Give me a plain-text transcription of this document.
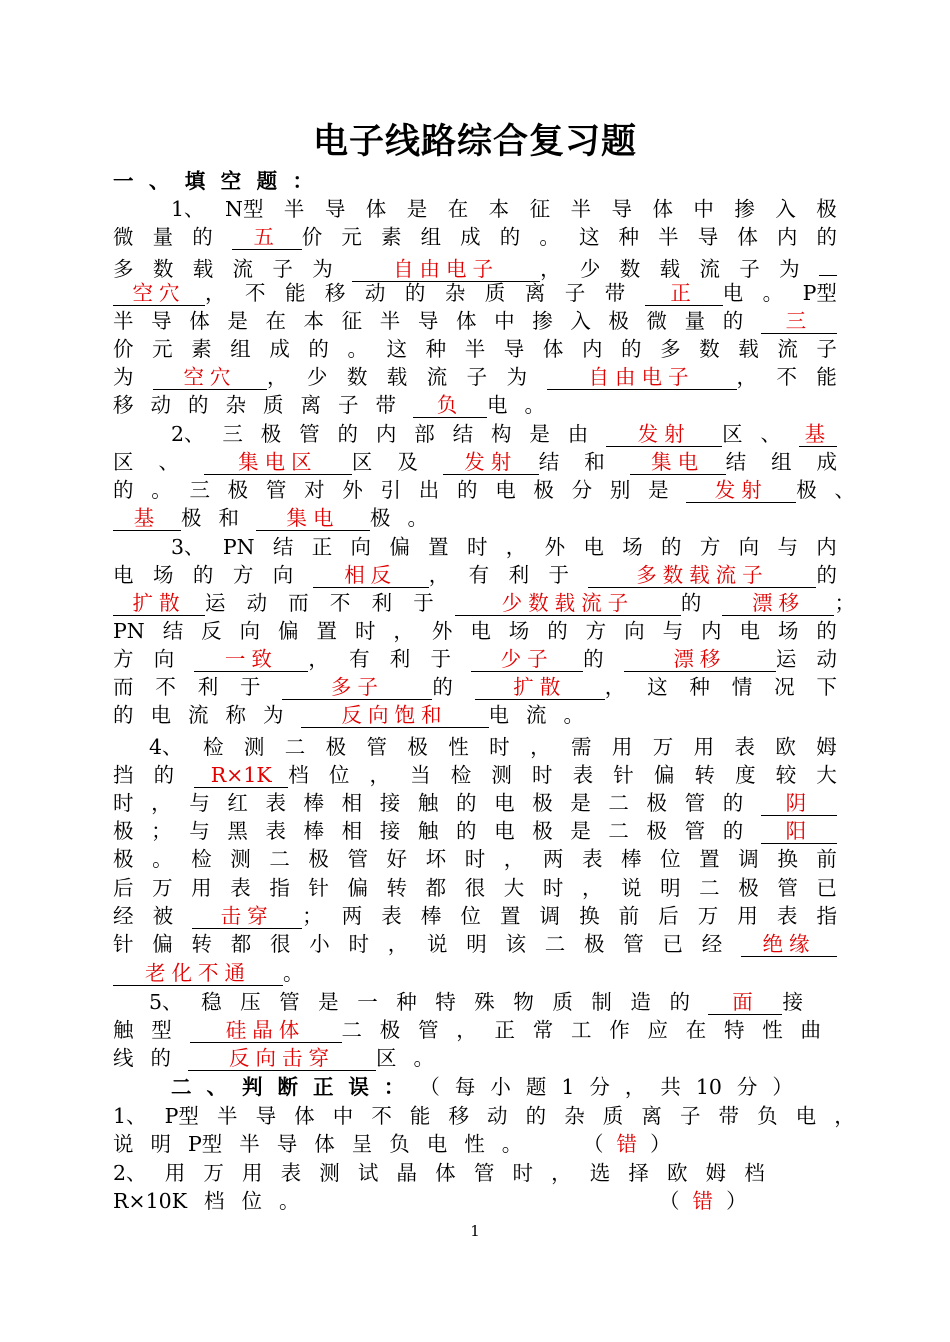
电子线路综合复习题
一 、 填 空 题 ：
1、 N型 半 导 体 是 在 本 征 半 导 体 中 掺 入 极
微 量 的	五 价 元 素 组 成 的 。 这 种 半 导 体 内 的
多 数 载 流 子 为	自由电子 ， 少 数 载 流 子 为
空穴 ， 不 能 移 动 的 杂 质 离 子 带	正 电 。 P型
半 导 体 是 在 本 征 半 导 体 中 掺 入 极 微 量 的	三
价 元 素 组 成 的 。 这 种 半 导 体 内 的 多 数 载 流 子
为	空穴 ， 少 数 载 流 子 为	自由电子 ， 不 能
移 动 的 杂 质 离 子 带	负 电 。
2、 三 极 管 的 内 部 结 构 是 由	发射 区 、 基
区 、	集电区 区 及	发射 结 和	集电 结 组 成
的 。 三 极 管 对 外 引 出 的 电 极 分 别 是	发射 极 、
基 极 和	集电 极 。
3、 PN 结 正 向 偏 置 时 ， 外 电 场 的 方 向 与 内
电 场 的 方 向	相反 ， 有 利 于	多数载流子 的
扩散 运 动 而 不 利 于	少数载流子 的	漂移 ；
PN 结 反 向 偏 置 时 ， 外 电 场 的 方 向 与 内 电 场 的
方 向	一致 ， 有 利 于	少子 的	漂移 运 动
而 不 利 于	多子 的	扩散 ， 这 种 情 况 下
的 电 流 称 为	反向饱和 电 流 。
4、 检 测 二 极 管 极 性 时 ， 需 用 万 用 表 欧 姆
挡 的	R×1K 档 位 ， 当 检 测 时 表 针 偏 转 度 较 大
时 ， 与 红 表 棒 相 接 触 的 电 极 是 二 极 管 的	阴
极 ； 与 黑 表 棒 相 接 触 的 电 极 是 二 极 管 的	阳
极 。 检 测 二 极 管 好 坏 时 ， 两 表 棒 位 置 调 换 前
后 万 用 表 指 针 偏 转 都 很 大 时 ， 说 明 二 极 管 已
经 被	击穿 ； 两 表 棒 位 置 调 换 前 后 万 用 表 指
针 偏 转 都 很 小 时 ， 说 明 该 二 极 管 已 经	绝缘
老化不通 。
5、 稳 压 管 是 一 种 特 殊 物 质 制 造 的	面 接
触 型	硅晶体 二 极 管 ， 正 常 工 作 应 在 特 性 曲
线 的	反向击穿 区 。
二 、 判 断 正 误 ： （ 每 小 题 1 分 ， 共 10 分 ）
1、 P型 半 导 体 中 不 能 移 动 的 杂 质 离 子 带 负 电 ，
说 明 P型 半 导 体 呈 负 电 性 。	（ 错 ）
2、 用 万 用 表 测 试 晶 体 管 时 ， 选 择 欧 姆 档
R×10K 档 位 。	（ 错 ）
1
